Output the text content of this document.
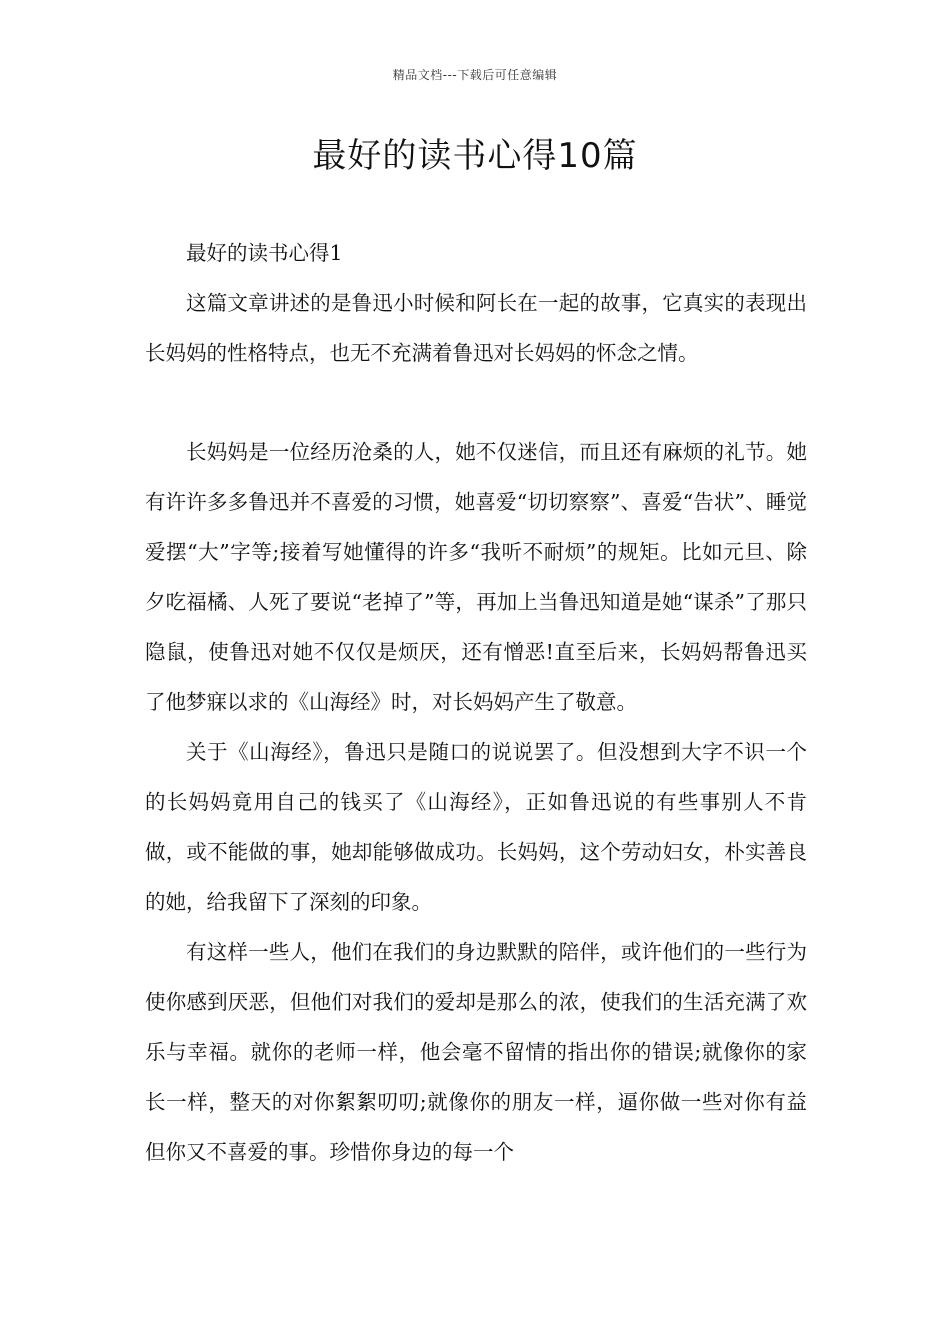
精品文档---下载后可任意编辑
最好的读书心得10篇

最好的读书心得1

这篇文章讲述的是鲁迅小时候和阿长在一起的故事，它真实的表现出长妈妈的性格特点，也无不充满着鲁迅对长妈妈的怀念之情。

长妈妈是一位经历沧桑的人，她不仅迷信，而且还有麻烦的礼节。她有许许多多鲁迅并不喜爱的习惯，她喜爱“切切察察”、喜爱“告状”、睡觉爱摆“大”字等;接着写她懂得的许多“我听不耐烦”的规矩。比如元旦、除夕吃福橘、人死了要说“老掉了”等，再加上当鲁迅知道是她“谋杀”了那只隐鼠，使鲁迅对她不仅仅是烦厌，还有憎恶!直至后来，长妈妈帮鲁迅买了他梦寐以求的《山海经》时，对长妈妈产生了敬意。

关于《山海经》，鲁迅只是随口的说说罢了。但没想到大字不识一个的长妈妈竟用自己的钱买了《山海经》，正如鲁迅说的有些事别人不肯做，或不能做的事，她却能够做成功。长妈妈，这个劳动妇女，朴实善良的她，给我留下了深刻的印象。

有这样一些人，他们在我们的身边默默的陪伴，或许他们的一些行为使你感到厌恶，但他们对我们的爱却是那么的浓，使我们的生活充满了欢乐与幸福。就你的老师一样，他会毫不留情的指出你的错误;就像你的家长一样，整天的对你絮絮叨叨;就像你的朋友一样，逼你做一些对你有益但你又不喜爱的事。珍惜你身边的每一个
